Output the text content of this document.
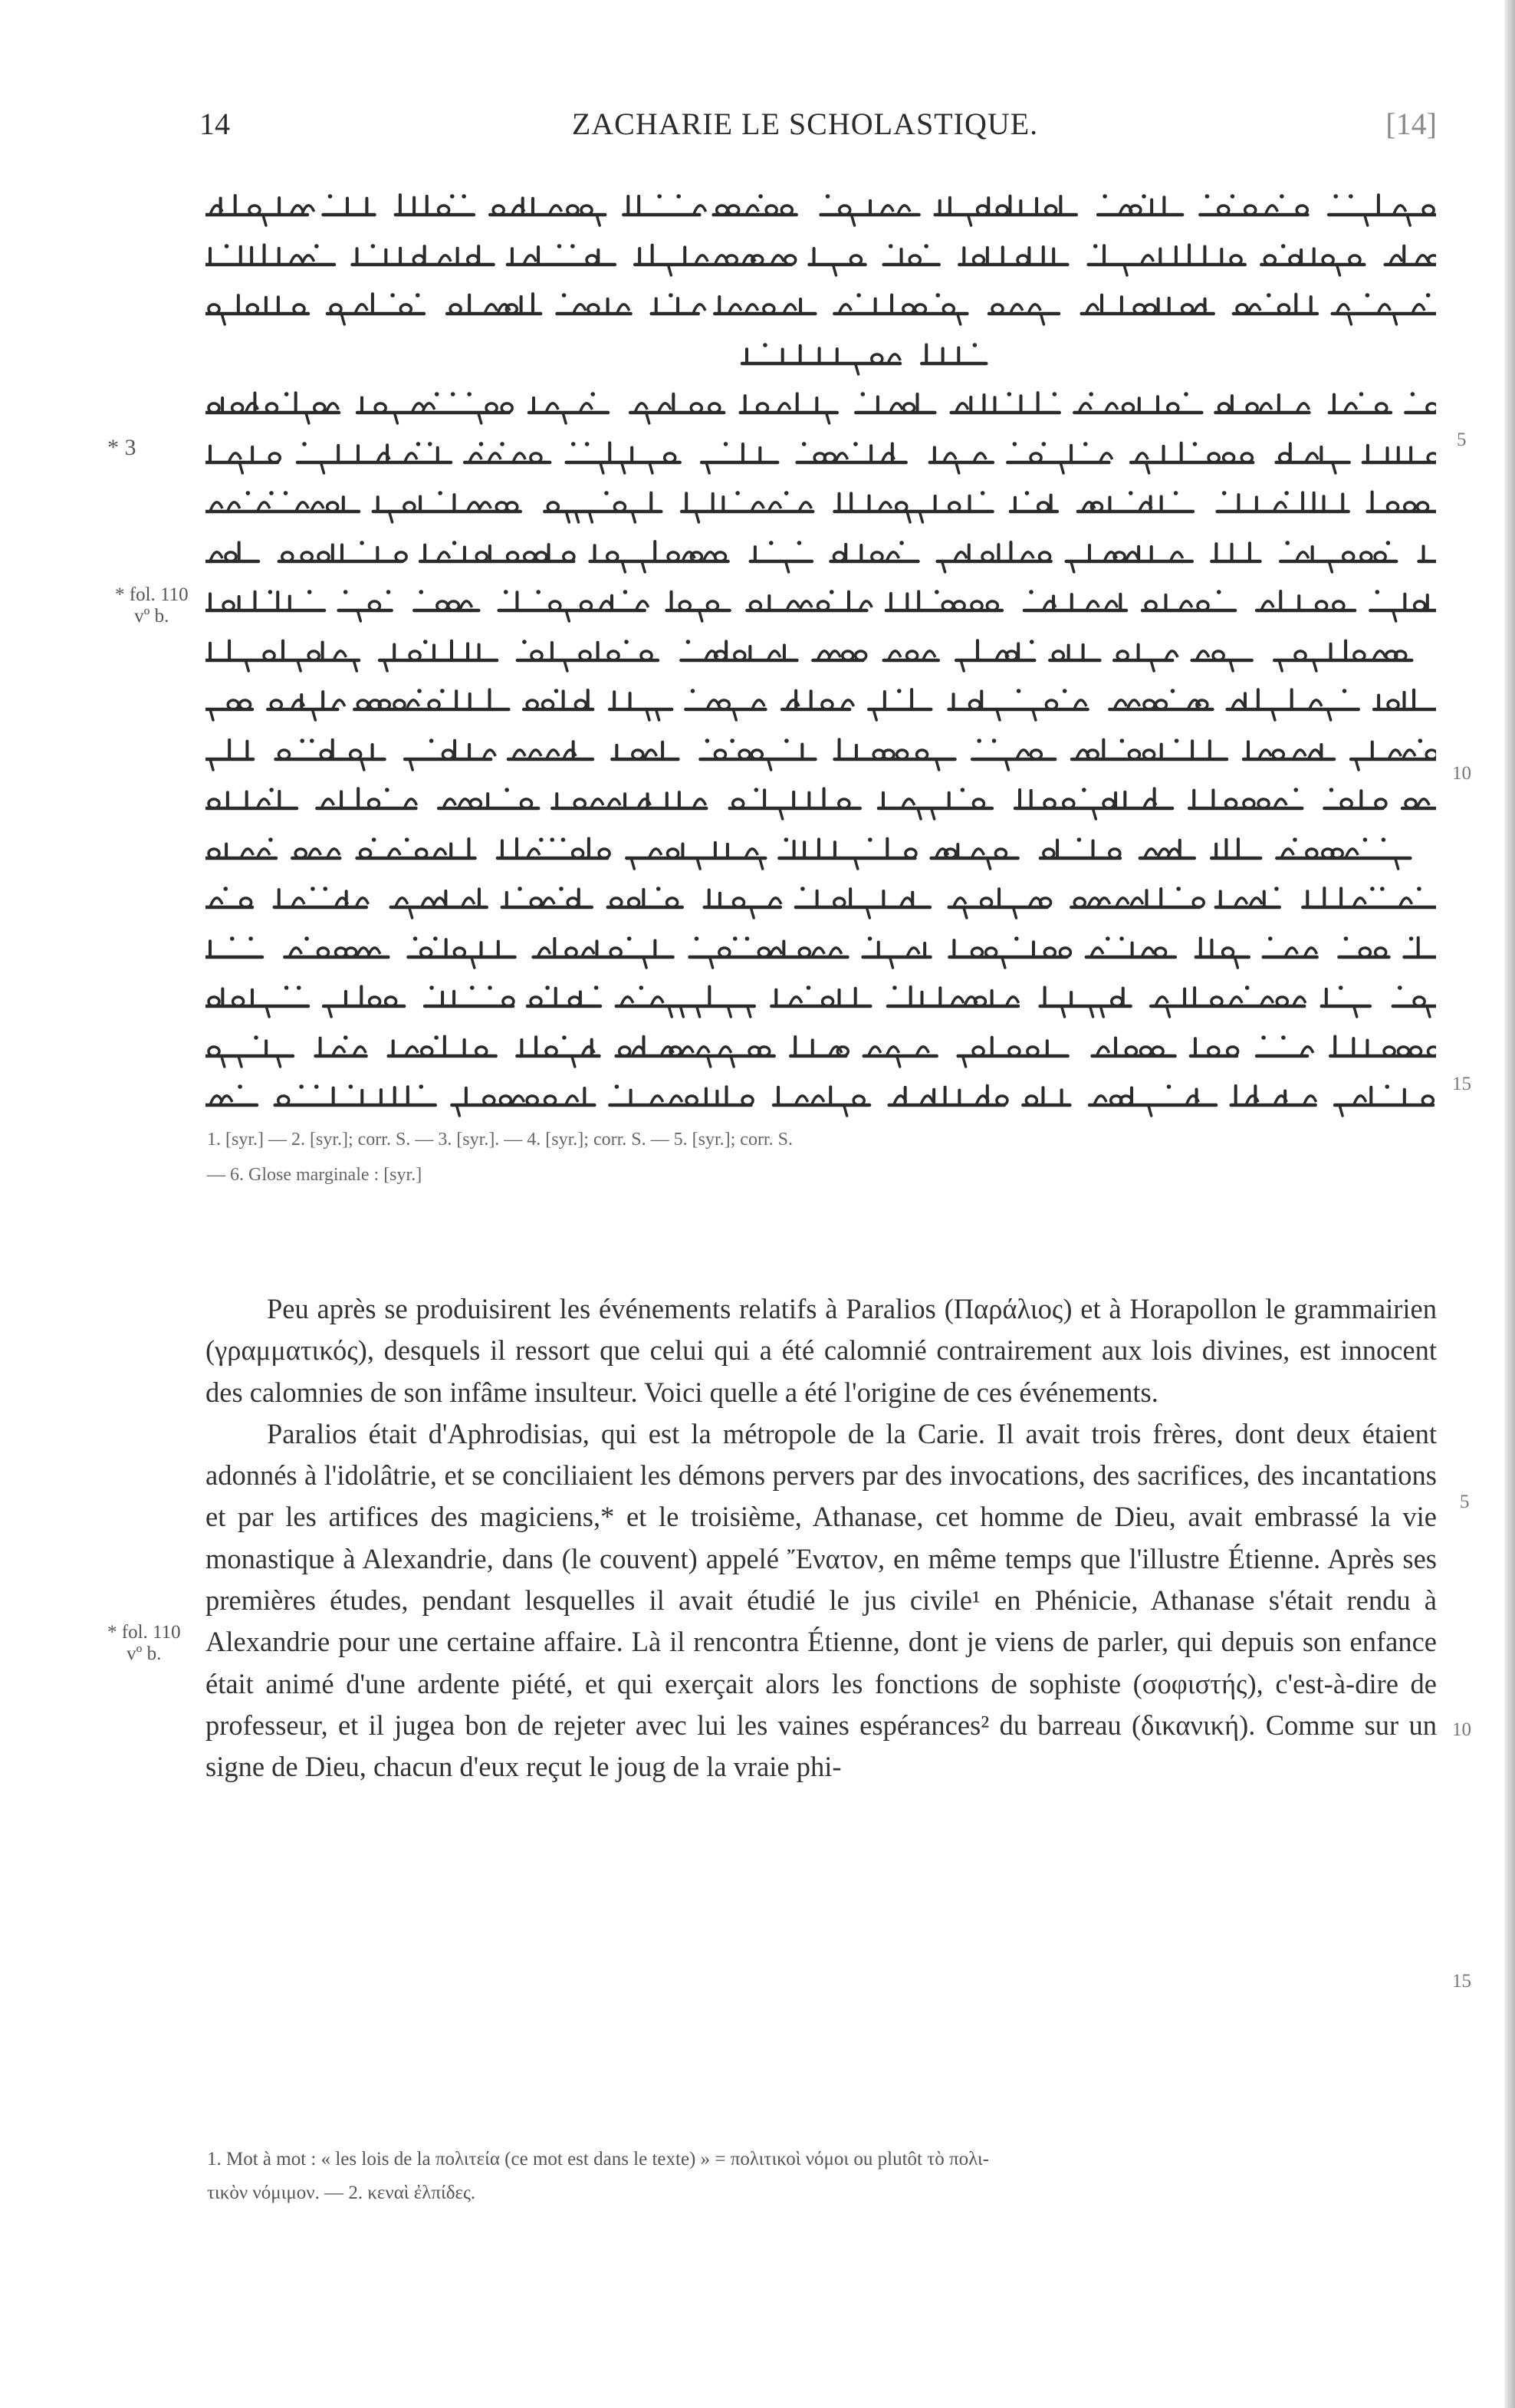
14	ZACHARIE LE SCHOLASTIQUE.	[14]
* 3
* fol. 110
vº b.
5
10
15
1. [syr.] — 2. [syr.]; corr. S. — 3. [syr.]. — 4. [syr.]; corr. S. — 5. [syr.]; corr. S.
— 6. Glose marginale : [syr.]
* fol. 110
vº b.
5
10
15

Peu après se produisirent les événements relatifs à Paralios (Παράλιος) et à Horapollon le grammairien (γραμματικός), desquels il ressort que celui qui a été calomnié contrairement aux lois divines, est innocent des calomnies de son infâme insulteur. Voici quelle a été l'origine de ces événements.

Paralios était d'Aphrodisias, qui est la métropole de la Carie. Il avait trois frères, dont deux étaient adonnés à l'idolâtrie, et se conciliaient les démons pervers par des invocations, des sacrifices, des incantations et par les artifices des magiciens,* et le troisième, Athanase, cet homme de Dieu, avait embrassé la vie monastique à Alexandrie, dans (le couvent) appelé Ἔνατον, en même temps que l'illustre Étienne. Après ses premières études, pendant lesquelles il avait étudié le jus civile¹ en Phénicie, Athanase s'était rendu à Alexandrie pour une certaine affaire. Là il rencontra Étienne, dont je viens de parler, qui depuis son enfance était animé d'une ardente piété, et qui exerçait alors les fonctions de sophiste (σοφιστής), c'est-à-dire de professeur, et il jugea bon de rejeter avec lui les vaines espérances² du barreau (δικανική). Comme sur un signe de Dieu, chacun d'eux reçut le joug de la vraie phi-

1. Mot à mot : « les lois de la πολιτεία (ce mot est dans le texte) » = πολιτικοὶ νόμοι ou plutôt τὸ πολι-
τικὸν νόμιμον. — 2. κεναὶ ἐλπίδες.
